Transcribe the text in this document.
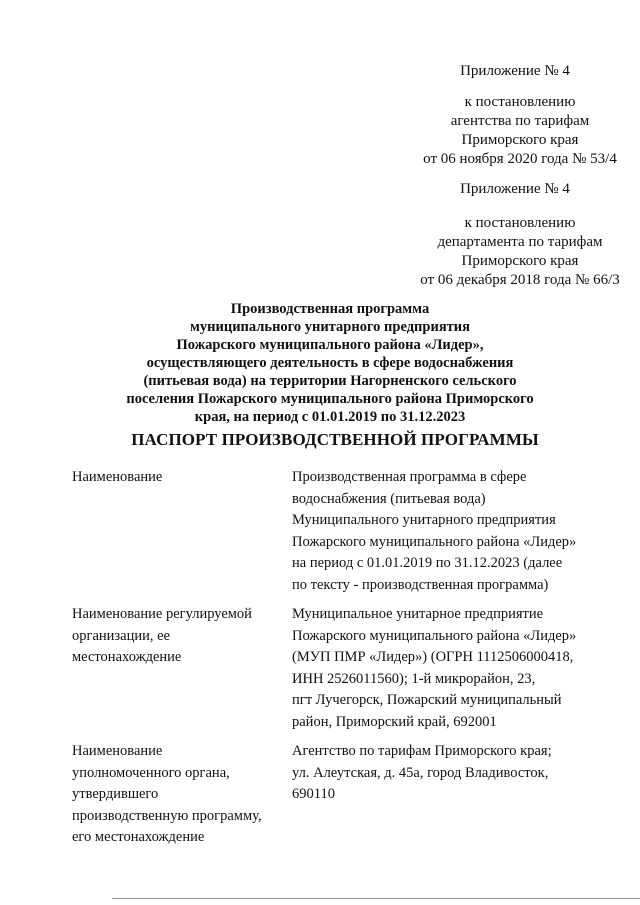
Приложение № 4
к постановлению
агентства по тарифам
Приморского края
от 06 ноября 2020 года № 53/4
Приложение № 4
к постановлению
департамента по тарифам
Приморского края
от 06 декабря 2018 года № 66/3
Производственная программа
муниципального унитарного предприятия
Пожарского муниципального района «Лидер»,
осуществляющего деятельность в сфере водоснабжения
(питьевая вода) на территории Нагорненского сельского
поселения Пожарского муниципального района Приморского
края, на период с 01.01.2019 по 31.12.2023
ПАСПОРТ ПРОИЗВОДСТВЕННОЙ ПРОГРАММЫ
Наименование	Производственная программа в сфере
водоснабжения (питьевая вода)
Муниципального унитарного предприятия
Пожарского муниципального района «Лидер»
на период с 01.01.2019 по 31.12.2023 (далее
по тексту - производственная программа)
Наименование регулируемой
организации, ее
местонахождение
Муниципальное унитарное предприятие
Пожарского муниципального района «Лидер»
(МУП ПМР «Лидер») (ОГРН 1112506000418,
ИНН 2526011560); 1-й микрорайон, 23,
пгт Лучегорск, Пожарский муниципальный
район, Приморский край, 692001
Наименование
уполномоченного органа,
утвердившего
производственную программу,
его местонахождение
Агентство по тарифам Приморского края;
ул. Алеутская, д. 45а, город Владивосток,
690110
